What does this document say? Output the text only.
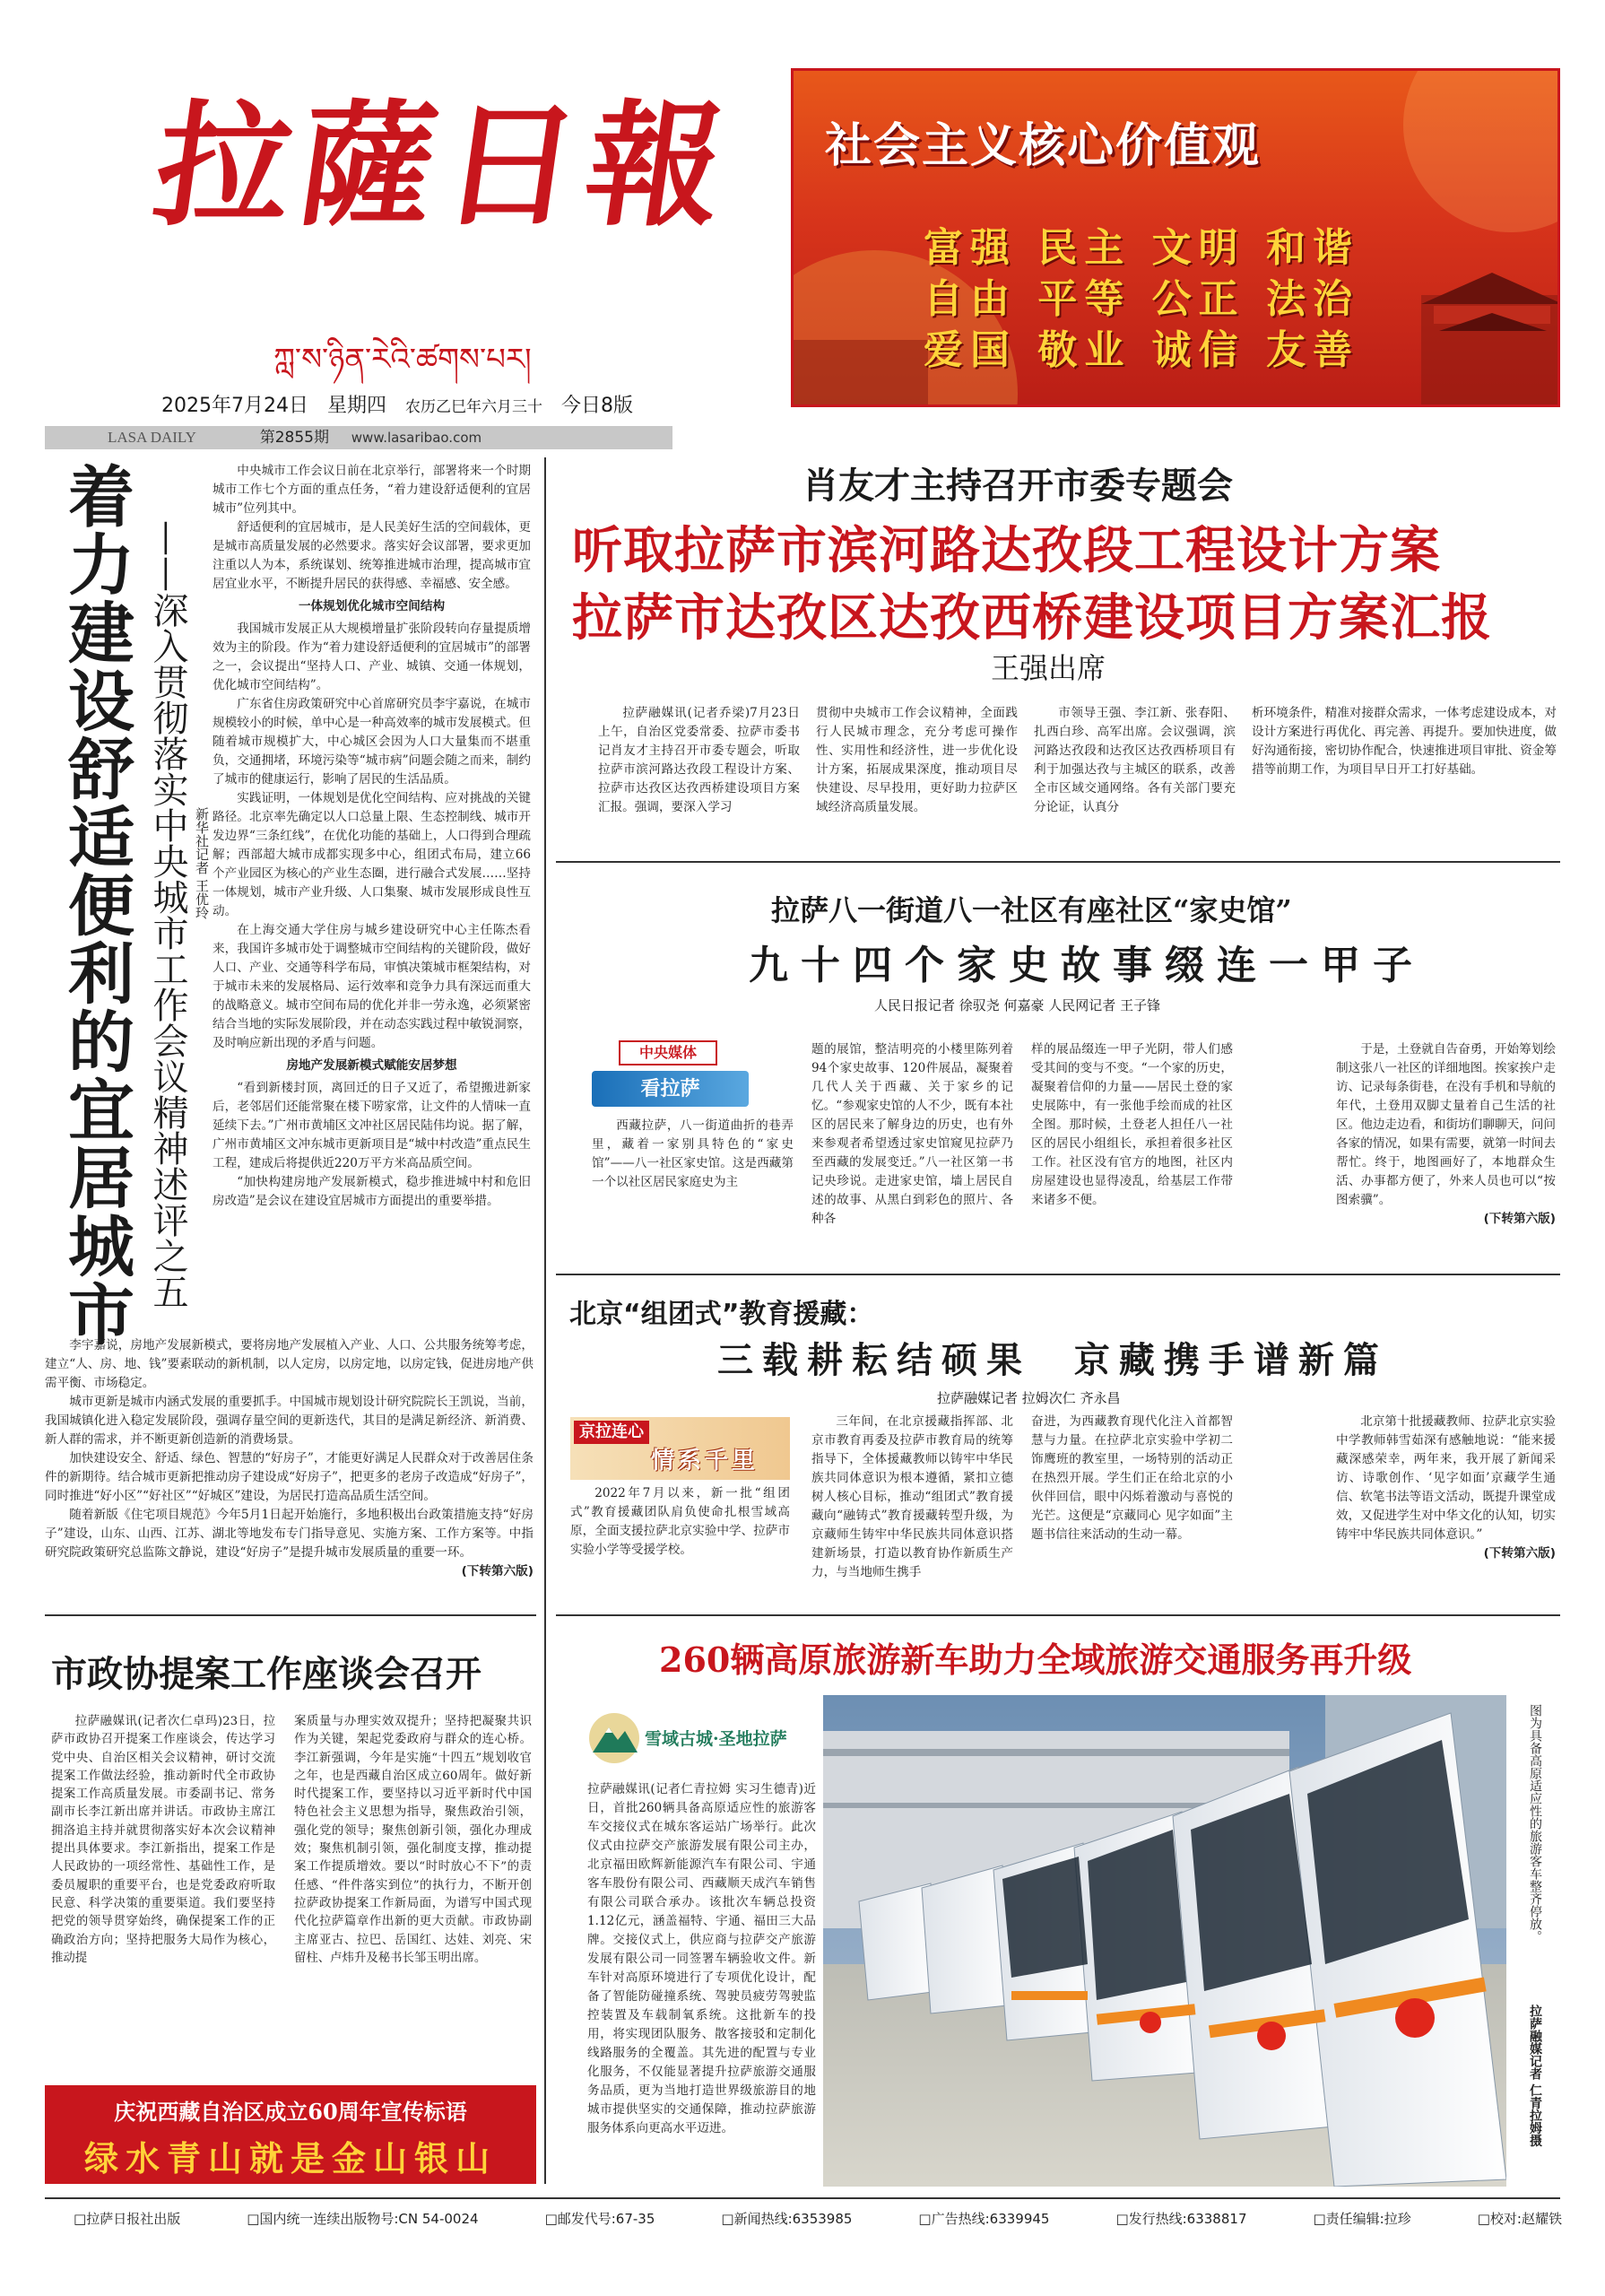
拉薩日報
ཀླ་ས་ཉིན་རེའི་ཚགས་པར།
2025年7月24日 星期四 农历乙巳年六月三十 今日8版
LASA DAILY	第2855期 www.lasaribao.com
社会主义核心价值观
富强 民主 文明 和谐
自由 平等 公正 法治
爱国 敬业 诚信 友善
着力建设舒适便利的宜居城市 ——深入贯彻落实中央城市工作会议精神述评之五 新华社记者 王优玲

中央城市工作会议日前在北京举行，部署将来一个时期城市工作七个方面的重点任务，“着力建设舒适便利的宜居城市”位列其中。

舒适便利的宜居城市，是人民美好生活的空间载体，更是城市高质量发展的必然要求。落实好会议部署，要求更加注重以人为本，系统谋划、统筹推进城市治理，提高城市宜居宜业水平，不断提升居民的获得感、幸福感、安全感。

一体规划优化城市空间结构

我国城市发展正从大规模增量扩张阶段转向存量提质增效为主的阶段。作为“着力建设舒适便利的宜居城市”的部署之一，会议提出“坚持人口、产业、城镇、交通一体规划，优化城市空间结构”。

广东省住房政策研究中心首席研究员李宇嘉说，在城市规模较小的时候，单中心是一种高效率的城市发展模式。但随着城市规模扩大，中心城区会因为人口大量集而不堪重负，交通拥堵，环境污染等“城市病”问题会随之而来，制约了城市的健康运行，影响了居民的生活品质。

实践证明，一体规划是优化空间结构、应对挑战的关键路径。北京率先确定以人口总量上限、生态控制线、城市开发边界“三条红线”，在优化功能的基础上，人口得到合理疏解；西部超大城市成都实现多中心，组团式布局，建立66个产业园区为核心的产业生态圈，进行融合式发展……坚持一体规划，城市产业升级、人口集聚、城市发展形成良性互动。

在上海交通大学住房与城乡建设研究中心主任陈杰看来，我国许多城市处于调整城市空间结构的关键阶段，做好人口、产业、交通等科学布局，审慎决策城市框架结构，对于城市未来的发展格局、运行效率和竞争力具有深远而重大的战略意义。城市空间布局的优化并非一劳永逸，必须紧密结合当地的实际发展阶段，并在动态实践过程中敏锐洞察，及时响应新出现的矛盾与问题。

房地产发展新模式赋能安居梦想

“看到新楼封顶，离回迁的日子又近了，希望搬进新家后，老邻居们还能常聚在楼下唠家常，让文件的人情味一直延续下去。”广州市黄埔区文冲社区居民陆伟均说。据了解，广州市黄埔区文冲东城市更新项目是“城中村改造”重点民生工程，建成后将提供近220万平方米高品质空间。

“加快构建房地产发展新模式，稳步推进城中村和危旧房改造”是会议在建设宜居城市方面提出的重要举措。

李宇嘉说，房地产发展新模式，要将房地产发展植入产业、人口、公共服务统筹考虑，建立“人、房、地、钱”要素联动的新机制，以人定房，以房定地，以房定钱，促进房地产供需平衡、市场稳定。

城市更新是城市内涵式发展的重要抓手。中国城市规划设计研究院院长王凯说，当前，我国城镇化进入稳定发展阶段，强调存量空间的更新迭代，其目的是满足新经济、新消费、新人群的需求，并不断更新创造新的消费场景。

加快建设安全、舒适、绿色、智慧的“好房子”，才能更好满足人民群众对于改善居住条件的新期待。结合城市更新把推动房子建设成“好房子”，把更多的老房子改造成“好房子”，同时推进“好小区”“好社区”“好城区”建设，为居民打造高品质生活空间。

随着新版《住宅项目规范》今年5月1日起开始施行，多地积极出台政策措施支持“好房子”建设，山东、山西、江苏、湖北等地发布专门指导意见、实施方案、工作方案等。中指研究院政策研究总监陈文静说，建设“好房子”是提升城市发展质量的重要一环。

(下转第六版)

肖友才主持召开市委专题会
听取拉萨市滨河路达孜段工程设计方案
拉萨市达孜区达孜西桥建设项目方案汇报
王强出席

拉萨融媒讯(记者乔梁)7月23日上午，自治区党委常委、拉萨市委书记肖友才主持召开市委专题会，听取拉萨市滨河路达孜段工程设计方案、拉萨市达孜区达孜西桥建设项目方案汇报。强调，要深入学习

贯彻中央城市工作会议精神，全面践行人民城市理念，充分考虑可操作性、实用性和经济性，进一步优化设计方案，拓展成果深度，推动项目尽快建设、尽早投用，更好助力拉萨区域经济高质量发展。

市领导王强、李江新、张春阳、扎西白珍、高军出席。会议强调，滨河路达孜段和达孜区达孜西桥项目有利于加强达孜与主城区的联系，改善全市区域交通网络。各有关部门要充分论证，认真分

析环境条件，精准对接群众需求，一体考虑建设成本，对设计方案进行再优化、再完善、再提升。要加快进度，做好沟通衔接，密切协作配合，快速推进项目审批、资金筹措等前期工作，为项目早日开工打好基础。

拉萨八一街道八一社区有座社区“家史馆”
九十四个家史故事缀连一甲子
人民日报记者 徐驭尧 何嘉豪 人民网记者 王子锋
中央媒体
看拉萨

西藏拉萨，八一街道曲折的巷弄里，藏着一家别具特色的“家史馆”——八一社区家史馆。这是西藏第一个以社区居民家庭史为主

题的展馆，整洁明亮的小楼里陈列着94个家史故事、120件展品，凝聚着几代人关于西藏、关于家乡的记忆。“参观家史馆的人不少，既有本社区的居民来了解身边的历史，也有外来参观者希望透过家史馆窥见拉萨乃至西藏的发展变迁。”八一社区第一书记央珍说。走进家史馆，墙上居民自述的故事、从黑白到彩色的照片、各种各

样的展品缀连一甲子光阴，带人们感受其间的变与不变。“一个家的历史，凝聚着信仰的力量——居民土登的家史展陈中，有一张他手绘而成的社区全图。那时候，土登老人担任八一社区的居民小组组长，承担着很多社区工作。社区没有官方的地图，社区内房屋建设也显得凌乱，给基层工作带来诸多不便。

于是，土登就自告奋勇，开始筹划绘制这张八一社区的详细地图。挨家挨户走访、记录每条街巷，在没有手机和导航的年代，土登用双脚丈量着自己生活的社区。他边走边看，和街坊们聊聊天，问问各家的情况，如果有需要，就第一时间去帮忙。终于，地图画好了，本地群众生活、办事都方便了，外来人员也可以“按图索骥”。

(下转第六版)

北京“组团式”教育援藏：
三载耕耘结硕果  京藏携手谱新篇
拉萨融媒记者 拉姆次仁 齐永昌
京拉连心
情系千里

2022年7月以来，新一批“组团式”教育援藏团队肩负使命扎根雪域高原，全面支援拉萨北京实验中学、拉萨市实验小学等受援学校。

三年间，在北京援藏指挥部、北京市教育再委及拉萨市教育局的统筹指导下，全体援藏教师以铸牢中华民族共同体意识为根本遵循，紧扣立德树人核心目标，推动“组团式”教育援藏向“融铸式”教育援藏转型升级，为京藏师生铸牢中华民族共同体意识搭建新场景，打造以教育协作新质生产力，与当地师生携手

奋进，为西藏教育现代化注入首都智慧与力量。在拉萨北京实验中学初二饰鹰班的教室里，一场特别的活动正在热烈开展。学生们正在给北京的小伙伴回信，眼中闪烁着激动与喜悦的光芒。这便是“京藏同心 见字如面”主题书信往来活动的生动一幕。

北京第十批援藏教师、拉萨北京实验中学教师韩雪茹深有感触地说：“能来援藏深感荣幸，两年来，我开展了新闻采访、诗歌创作、‘见字如面’京藏学生通信、软笔书法等语文活动，既提升课堂成效，又促进学生对中华文化的认知，切实铸牢中华民族共同体意识。”

(下转第六版)

市政协提案工作座谈会召开

拉萨融媒讯(记者次仁卓玛)23日，拉萨市政协召开提案工作座谈会，传达学习党中央、自治区相关会议精神，研讨交流提案工作做法经验，推动新时代全市政协提案工作高质量发展。市委副书记、常务副市长李江新出席并讲话。市政协主席江拥洛追主持并就贯彻落实好本次会议精神提出具体要求。李江新指出，提案工作是人民政协的一项经常性、基础性工作，是委员履职的重要平台，也是党委政府听取民意、科学决策的重要渠道。我们要坚持把党的领导贯穿始终，确保提案工作的正确政治方向；坚持把服务大局作为核心，推动提

案质量与办理实效双提升；坚持把凝聚共识作为关键，架起党委政府与群众的连心桥。李江新强调，今年是实施“十四五”规划收官之年，也是西藏自治区成立60周年。做好新时代提案工作，要坚持以习近平新时代中国特色社会主义思想为指导，聚焦政治引领，强化党的领导；聚焦创新引领，强化办理成效；聚焦机制引领，强化制度支撑，推动提案工作提质增效。要以“时时放心不下”的责任感、“件件落实到位”的执行力，不断开创拉萨政协提案工作新局面，为谱写中国式现代化拉萨篇章作出新的更大贡献。市政协副主席亚古、拉巴、岳国红、达娃、刘亮、宋留柱、卢炜升及秘书长邹玉明出席。

庆祝西藏自治区成立60周年宣传标语
绿水青山就是金山银山
260辆高原旅游新车助力全域旅游交通服务再升级
雪域古城·圣地拉萨

拉萨融媒讯(记者仁青拉姆 实习生德青)近日，首批260辆具备高原适应性的旅游客车交接仪式在城东客运站广场举行。此次仪式由拉萨交产旅游发展有限公司主办，北京福田欧辉新能源汽车有限公司、宇通客车股份有限公司、西藏顺天成汽车销售有限公司联合承办。该批次车辆总投资1.12亿元，涵盖福特、宇通、福田三大品牌。交接仪式上，供应商与拉萨交产旅游发展有限公司一同签署车辆验收文件。新车针对高原环境进行了专项优化设计，配备了智能防碰撞系统、驾驶员疲劳驾驶监控装置及车载制氧系统。这批新车的投用，将实现团队服务、散客接驳和定制化线路服务的全覆盖。其先进的配置与专业化服务，不仅能显著提升拉萨旅游交通服务品质，更为当地打造世界级旅游目的地城市提供坚实的交通保障，推动拉萨旅游服务体系向更高水平迈进。

图为具备高原适应性的旅游客车整齐停放。
拉萨融媒记者 仁青拉姆摄
□拉萨日报社出版	□国内统一连续出版物号:CN 54-0024	□邮发代号:67-35	□新闻热线:6353985	□广告热线:6339945	□发行热线:6338817	□责任编辑:拉珍	□校对:赵耀铁
